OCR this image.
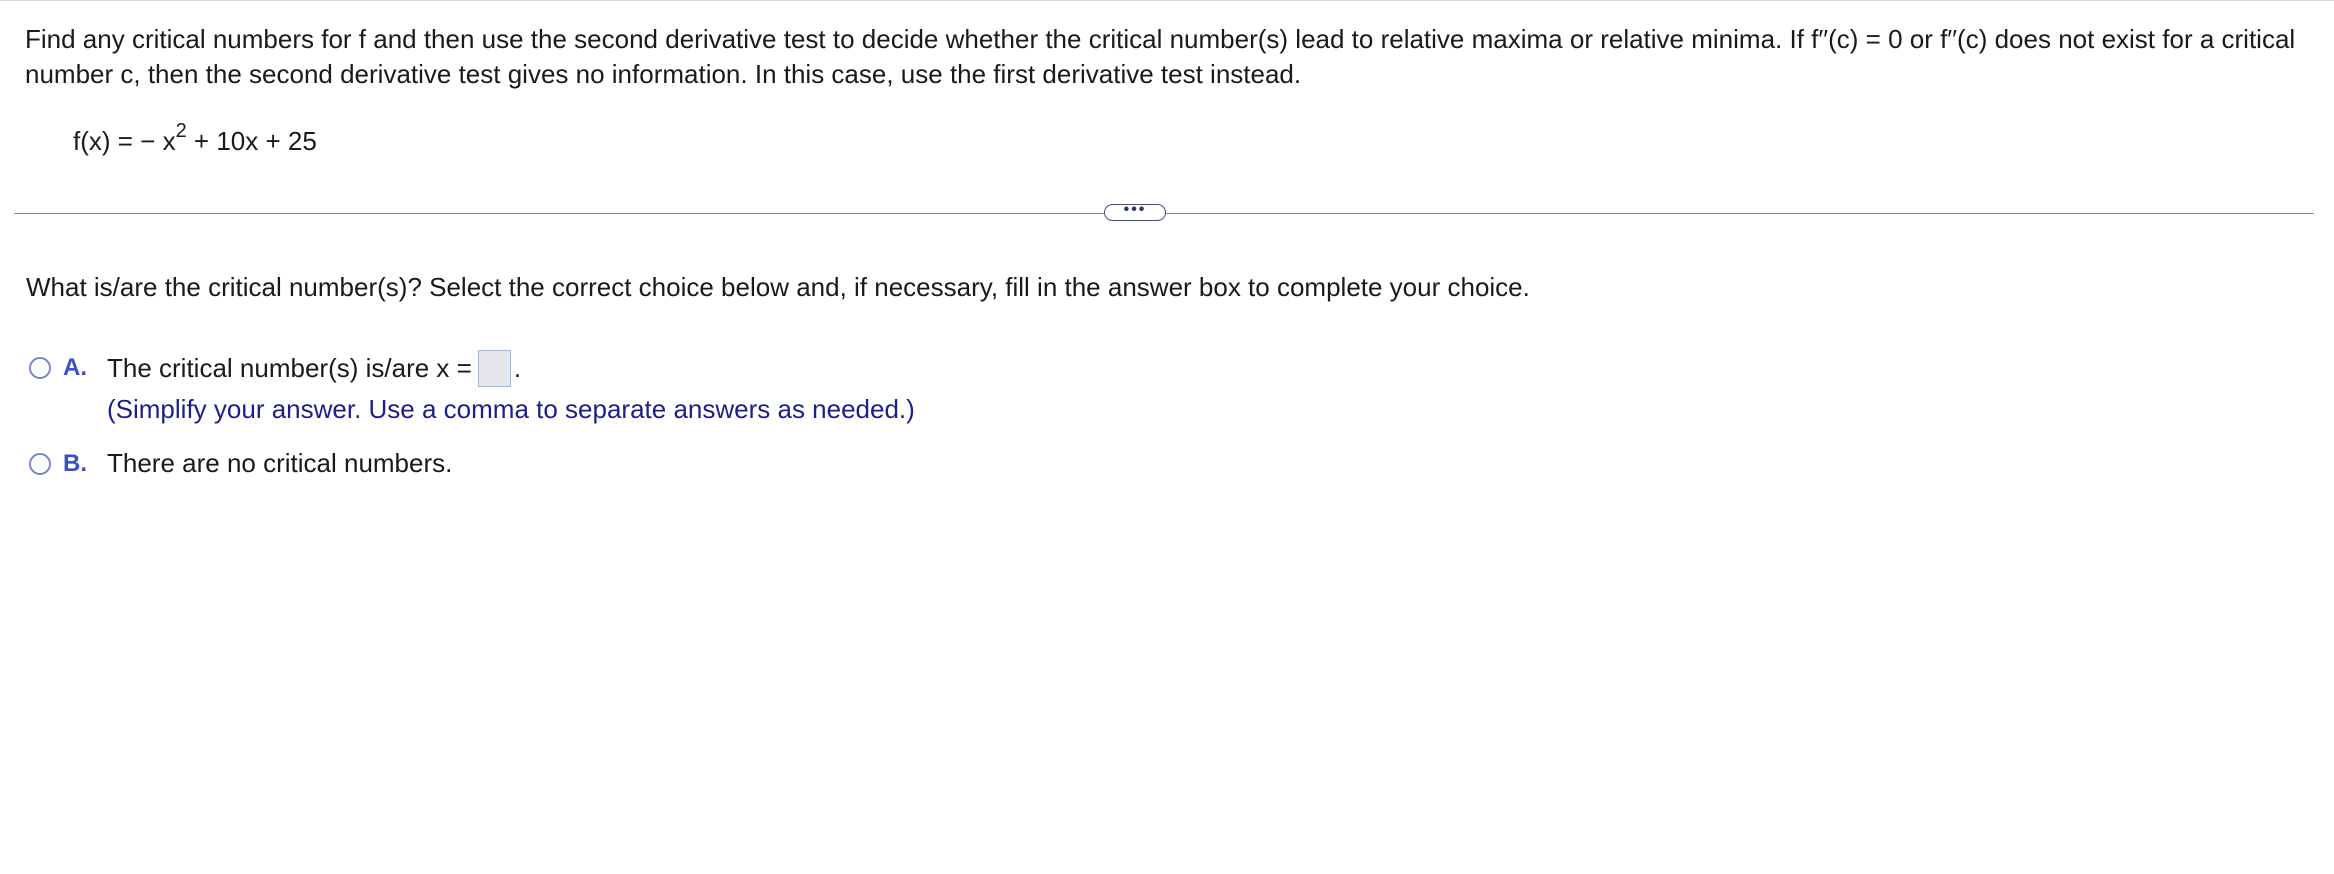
Find any critical numbers for f and then use the second derivative test to decide whether the critical number(s) lead to relative maxima or relative minima. If f′′(c) = 0 or f′′(c) does not exist for a critical number c, then the second derivative test gives no information. In this case, use the first derivative test instead.
f(x) = − $x^2 + 10x + 25$
•••
What is/are the critical number(s)? Select the correct choice below and, if necessary, fill in the answer box to complete your choice.
A. The critical number(s) is/are x = .
(Simplify your answer. Use a comma to separate answers as needed.)
B. There are no critical numbers.
